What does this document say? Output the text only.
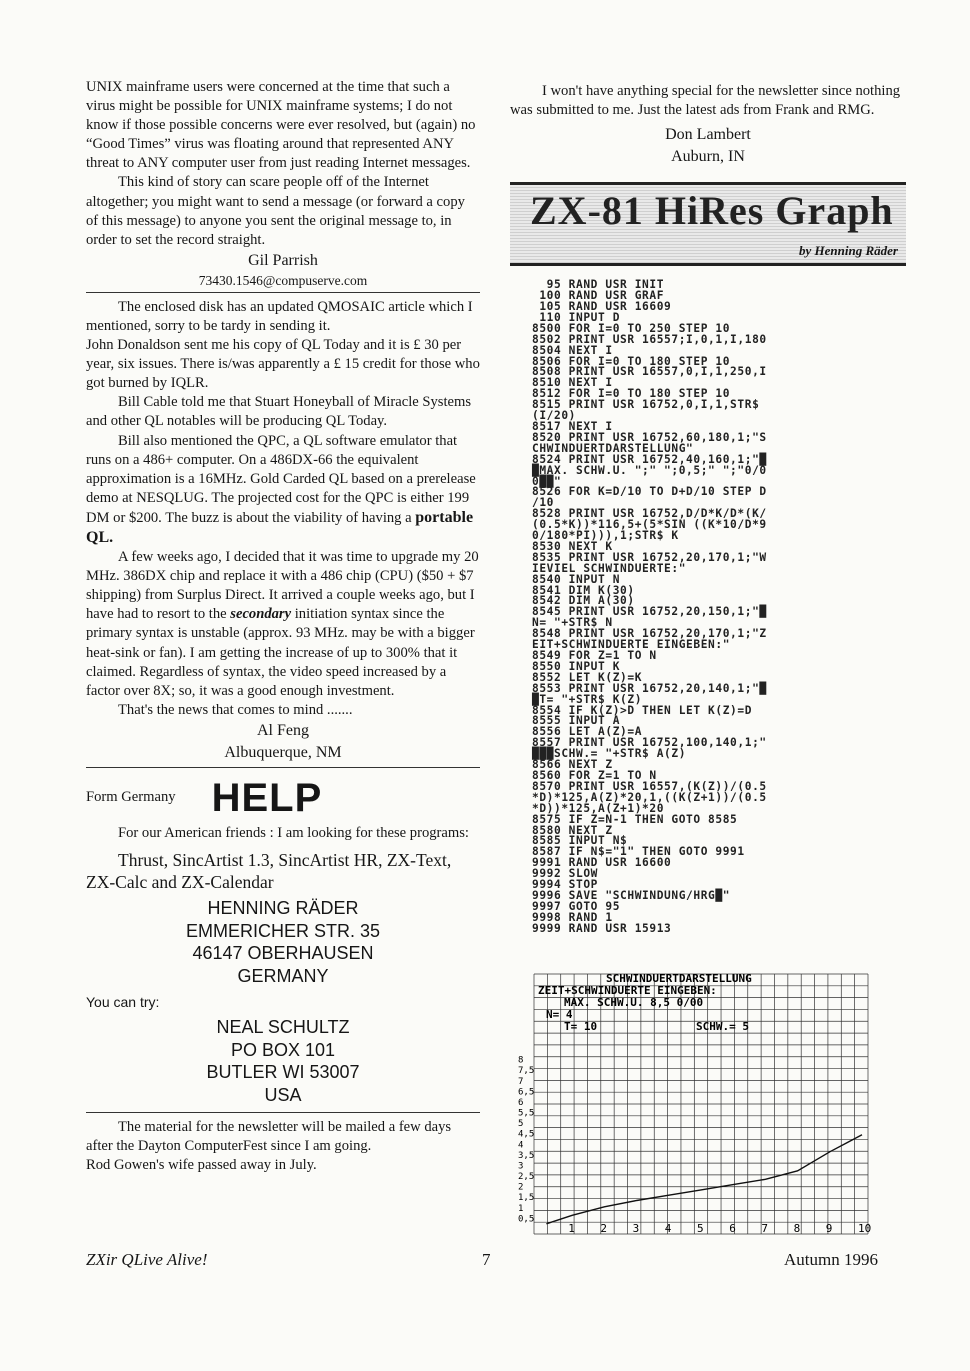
UNIX mainframe users were concerned at the time that such a virus might be possible for UNIX mainframe systems; I do not know if those possible concerns were ever resolved, but (again) no “Good Times” virus was floating around that represented ANY threat to ANY computer user from just reading Internet messages.

This kind of story can scare people off of the Internet altogether; you might want to send a message (or forward a copy of this message) to anyone you sent the original message to, in order to set the record straight.

Gil Parrish

73430.1546@compuserve.com

The enclosed disk has an updated QMOSAIC article which I mentioned, sorry to be tardy in sending it.

John Donaldson sent me his copy of QL Today and it is £ 30 per year, six issues. There is/was apparently a £ 15 credit for those who got burned by IQLR.

Bill Cable told me that Stuart Honeyball of Miracle Systems and other QL notables will be producing QL Today.

Bill also mentioned the QPC, a QL software emulator that runs on a 486+ computer. On a 486DX-66 the equivalent approximation is a 16MHz. Gold Carded QL based on a prerelease demo at NESQLUG. The projected cost for the QPC is either 199 DM or $200. The buzz is about the viability of having a portable QL.

A few weeks ago, I decided that it was time to upgrade my 20 MHz. 386DX chip and replace it with a 486 chip (CPU) ($50 + $7 shipping) from Surplus Direct. It arrived a couple weeks ago, but I have had to resort to the secondary initiation syntax since the primary syntax is unstable (approx. 93 MHz. may be with a bigger heat-sink or fan). I am getting the increase of up to 300% that it claimed. Regardless of syntax, the video speed increased by a factor over 8X; so, it was a good enough investment.

That's the news that comes to mind .......

Al Feng

Albuquerque, NM

Form Germany HELP

For our American friends : I am looking for these programs:

Thrust, SincArtist 1.3, SincArtist HR, ZX-Text, ZX-Calc and ZX-Calendar

HENNING RÄDER
EMMERICHER STR. 35
46147 OBERHAUSEN
GERMANY

You can try:

NEAL SCHULTZ
PO BOX 101
BUTLER WI 53007
USA

The material for the newsletter will be mailed a few days after the Dayton ComputerFest since I am going.

Rod Gowen's wife passed away in July.

I won't have anything special for the newsletter since nothing was submitted to me. Just the latest ads from Frank and RMG.

Don Lambert

Auburn, IN

ZX-81 HiRes Graph
by Henning Räder
95 RAND USR INIT
100 RAND USR GRAF
105 RAND USR 16609
110 INPUT D
8500 FOR I=0 TO 250 STEP 10
8502 PRINT USR 16557;I,0,1,I,180
8504 NEXT I
8506 FOR I=0 TO 180 STEP 10
8508 PRINT USR 16557,0,I,1,250,I
8510 NEXT I
8512 FOR I=0 TO 180 STEP 10
8515 PRINT USR 16752,0,I,1,STR$
(I/20)
8517 NEXT I
8520 PRINT USR 16752,60,180,1;"S
CHWINDUERTDARSTELLUNG"
8524 PRINT USR 16752,40,160,1;"█
█MAX. SCHW.U. ";" ";0,5;" ";"0/0
0██"
8526 FOR K=D/10 TO D+D/10 STEP D
/10
8528 PRINT USR 16752,D/D*K/D*(K/
(0.5*K))*116,5+(5*SIN ((K*10/D*9
0/180*PI))),1;STR$ K
8530 NEXT K
8535 PRINT USR 16752,20,170,1;"W
IEVIEL SCHWINDUERTE:"
8540 INPUT N
8541 DIM K(30)
8542 DIM A(30)
8545 PRINT USR 16752,20,150,1;"█
N= "+STR$ N
8548 PRINT USR 16752,20,170,1;"Z
EIT+SCHWINDUERTE EINGEBEN:"
8549 FOR Z=1 TO N
8550 INPUT K
8552 LET K(Z)=K
8553 PRINT USR 16752,20,140,1;"█
█T= "+STR$ K(Z)
8554 IF K(Z)>D THEN LET K(Z)=D
8555 INPUT A
8556 LET A(Z)=A
8557 PRINT USR 16752,100,140,1;"
███SCHW.= "+STR$ A(Z)
8566 NEXT Z
8560 FOR Z=1 TO N
8570 PRINT USR 16557,(K(Z))/(0.5
*D)*125,A(Z)*20,1,((K(Z+1))/(0.5
*D))*125,A(Z+1)*20
8575 IF Z=N-1 THEN GOTO 8585
8580 NEXT Z
8585 INPUT N$
8587 IF N$="1" THEN GOTO 9991
9991 RAND USR 16600
9992 SLOW
9994 STOP
9996 SAVE "SCHWINDUNG/HRG█"
9997 GOTO 95
9998 RAND 1
9999 RAND USR 15913
SCHWINDUERTDARSTELLUNG
ZEIT+SCHWINDUERTE EINGEBEN:
MAX. SCHW.U. 8,5 0/00
N= 4
T= 10	SCHW.= 5
0,5
1
1,5
2
2,5
3
3,5
4
4,5
5
5,5
6
6,5
7
7,5
8
1 2 3 4 5 6 7 8 9 10
ZXir QLive Alive!	7	Autumn 1996
